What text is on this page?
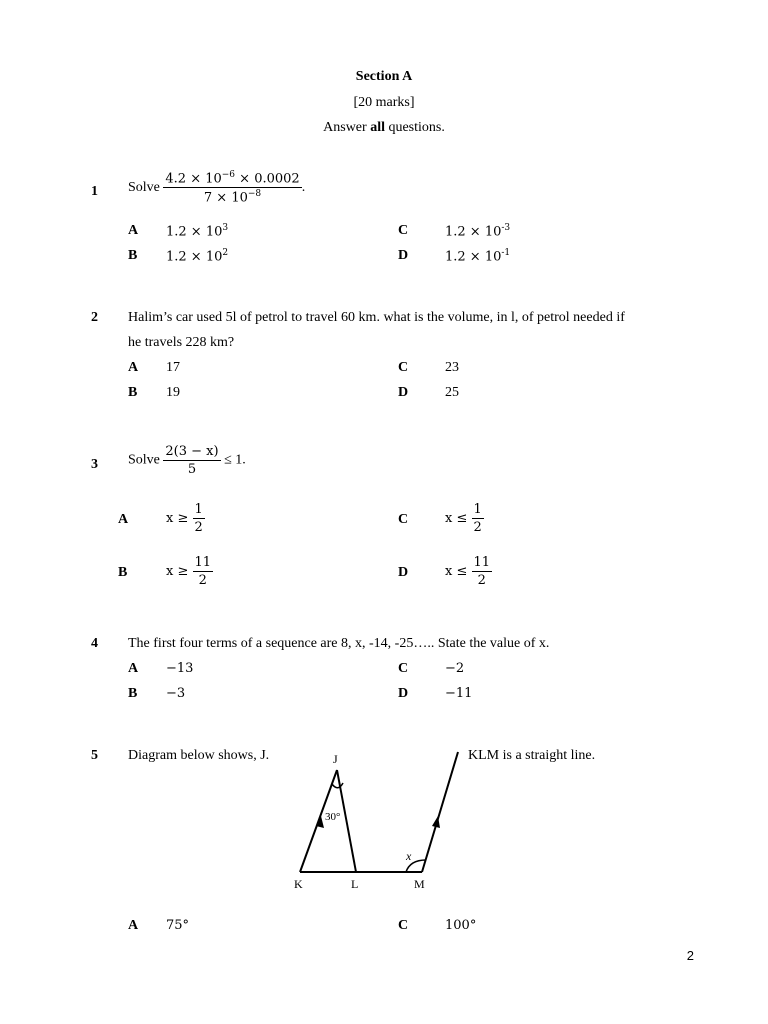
Section A
[20 marks]
Answer all questions.
1 Solve $\frac{4.2 \times 10^{-6} \times 0.0002}{7 \times 10^{-8}}$ .
A $1.2 \times 10^3$
B $1.2 \times 10^2$
C	$1.2 \times 10^{-3}$
D	$1.2 \times 10^{-1}$
2 Halim’s car used 5l of petrol to travel 60 km. what is the volume, in l, of petrol needed if
he travels 228 km?
A 17
B 19
C	23
D	25
3 Solve $\frac{2(3 - x)}{5} \le 1$.
A	$x \ge \frac{1}{2}$
B	$x \ge \frac{11}{2}$
C	$x \le \frac{1}{2}$
D	$x \le \frac{11}{2}$
4 The first four terms of a sequence are 8, x, -14, -25….. State the value of x.
A −13
B −3
C	−2
D	−11
5 Diagram below shows, J.	KLM is a straight line.
J
K	L	M
30°
x
A 75°	C	100°
2
